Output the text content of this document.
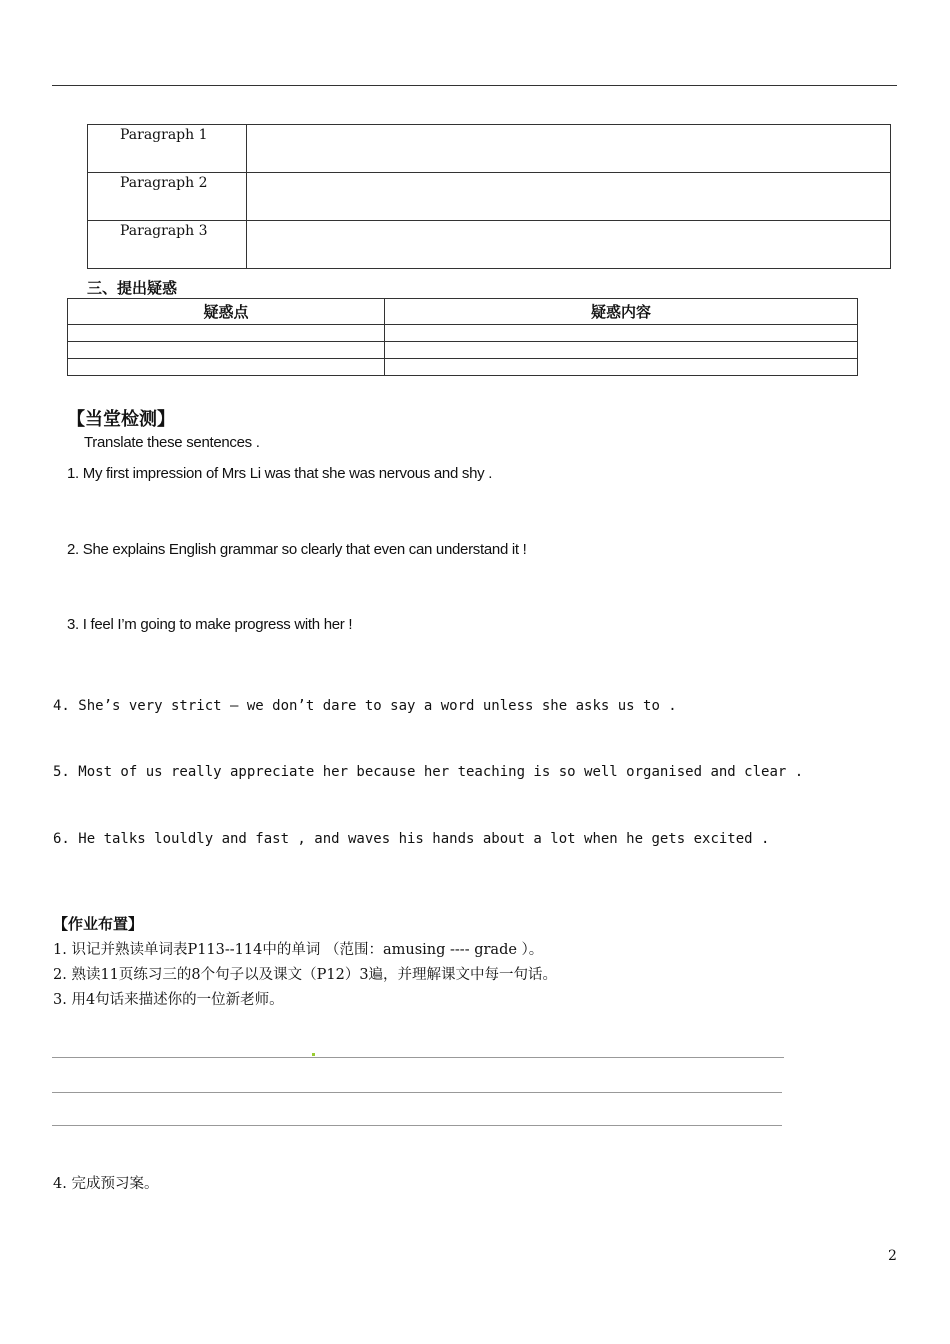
Paragraph 1	
Paragraph 2	
Paragraph 3	
三、提出疑惑
疑惑点	疑惑内容

【当堂检测】
Translate these sentences .
1. My first impression of Mrs Li was that she was nervous and shy .
2. She explains English grammar so clearly that even can understand it !
3. I feel I’m going to make progress with her !
4. She’s very strict – we don’t dare to say a word unless she asks us to .
5. Most of us really appreciate her because her teaching is so well organised and clear .
6. He talks louldly and fast , and waves his hands about a lot when he gets excited .
【作业布置】
1. 识记并熟读单词表P113--114中的单词 （范围：amusing ---- grade ）。
2. 熟读11页练习三的8个句子以及课文（P12）3遍，并理解课文中每一句话。
3. 用4句话来描述你的一位新老师。
4. 完成预习案。
2
